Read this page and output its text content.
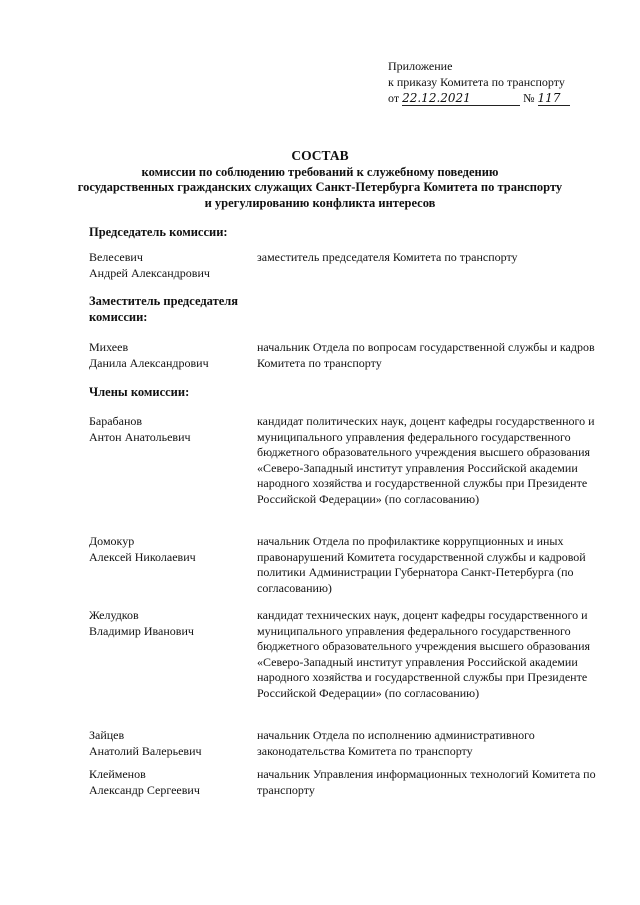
Приложение
к приказу Комитета по транспорту
от 22.12.2021	№ 117
СОСТАВ
комиссии по соблюдению требований к служебному поведению
государственных гражданских служащих Санкт-Петербурга Комитета по транспорту
и урегулированию конфликта интересов
Председатель комиссии:
Велесевич
Андрей Александрович
заместитель председателя Комитета по транспорту
Заместитель председателя комиссии:
Михеев
Данила Александрович
начальник Отдела по вопросам государственной службы и кадров Комитета по транспорту
Члены комиссии:
Барабанов
Антон Анатольевич
кандидат политических наук, доцент кафедры государственного и муниципального управления федерального государственного бюджетного образовательного учреждения высшего образования «Северо-Западный институт управления Российской академии народного хозяйства и государственной службы при Президенте Российской Федерации» (по согласованию)
Домокур
Алексей Николаевич
начальник Отдела по профилактике коррупционных и иных правонарушений Комитета государственной службы и кадровой политики Администрации Губернатора Санкт-Петербурга (по согласованию)
Желудков
Владимир Иванович
кандидат технических наук, доцент кафедры государственного и муниципального управления федерального государственного бюджетного образовательного учреждения высшего образования «Северо-Западный институт управления Российской академии народного хозяйства и государственной службы при Президенте Российской Федерации» (по согласованию)
Зайцев
Анатолий Валерьевич
начальник Отдела по исполнению административного законодательства Комитета по транспорту
Клейменов
Александр Сергеевич
начальник Управления информационных технологий Комитета по транспорту
